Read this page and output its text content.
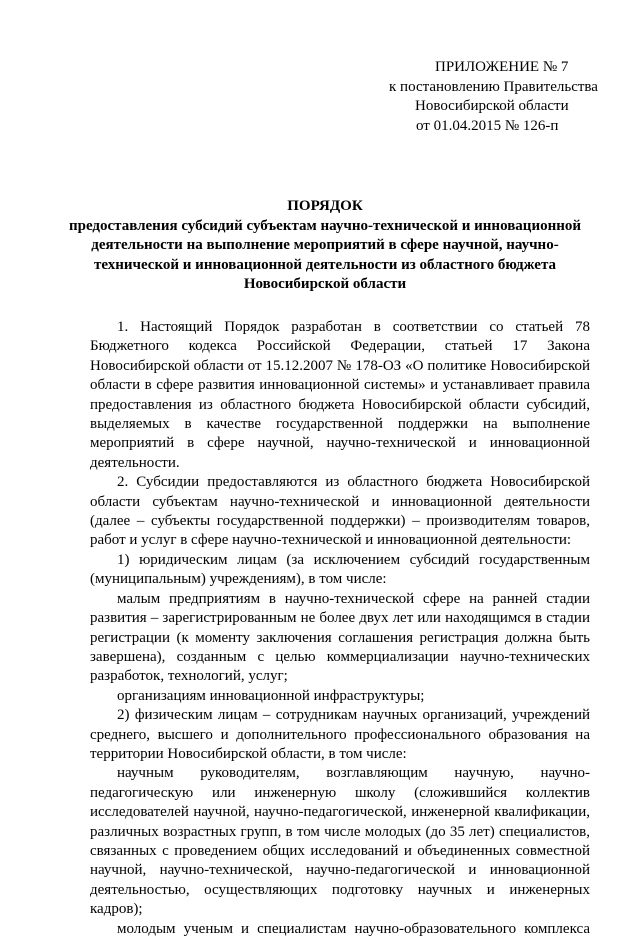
ПРИЛОЖЕНИЕ № 7
к постановлению Правительства
Новосибирской области
от 01.04.2015 № 126-п
ПОРЯДОК
предоставления субсидий субъектам научно-технической и инновационной
деятельности на выполнение мероприятий в сфере научной, научно-
технической и инновационной деятельности из областного бюджета
Новосибирской области

1. Настоящий Порядок разработан в соответствии со статьей 78 Бюджетного кодекса Российской Федерации, статьей 17 Закона Новосибирской области от 15.12.2007 № 178-ОЗ «О политике Новосибирской области в сфере развития инновационной системы» и устанавливает правила предоставления из областного бюджета Новосибирской области субсидий, выделяемых в качестве государственной поддержки на выполнение мероприятий в сфере научной, научно-технической и инновационной деятельности.

2. Субсидии предоставляются из областного бюджета Новосибирской области субъектам научно-технической и инновационной деятельности (далее – субъекты государственной поддержки) – производителям товаров, работ и услуг в сфере научно-технической и инновационной деятельности:

1) юридическим лицам (за исключением субсидий государственным (муниципальным) учреждениям), в том числе:

малым предприятиям в научно-технической сфере на ранней стадии развития – зарегистрированным не более двух лет или находящимся в стадии регистрации (к моменту заключения соглашения регистрация должна быть завершена), созданным с целью коммерциализации научно-технических разработок, технологий, услуг;

организациям инновационной инфраструктуры;

2) физическим лицам – сотрудникам научных организаций, учреждений среднего, высшего и дополнительного профессионального образования на территории Новосибирской области, в том числе:

научным руководителям, возглавляющим научную, научно-педагогическую или инженерную школу (сложившийся коллектив исследователей научной, научно-педагогической, инженерной квалификации, различных возрастных групп, в том числе молодых (до 35 лет) специалистов, связанных с проведением общих исследований и объединенных совместной научной, научно-технической, научно-педагогической и инновационной деятельностью, осуществляющих подготовку научных и инженерных кадров);

молодым ученым и специалистам научно-образовательного комплекса
